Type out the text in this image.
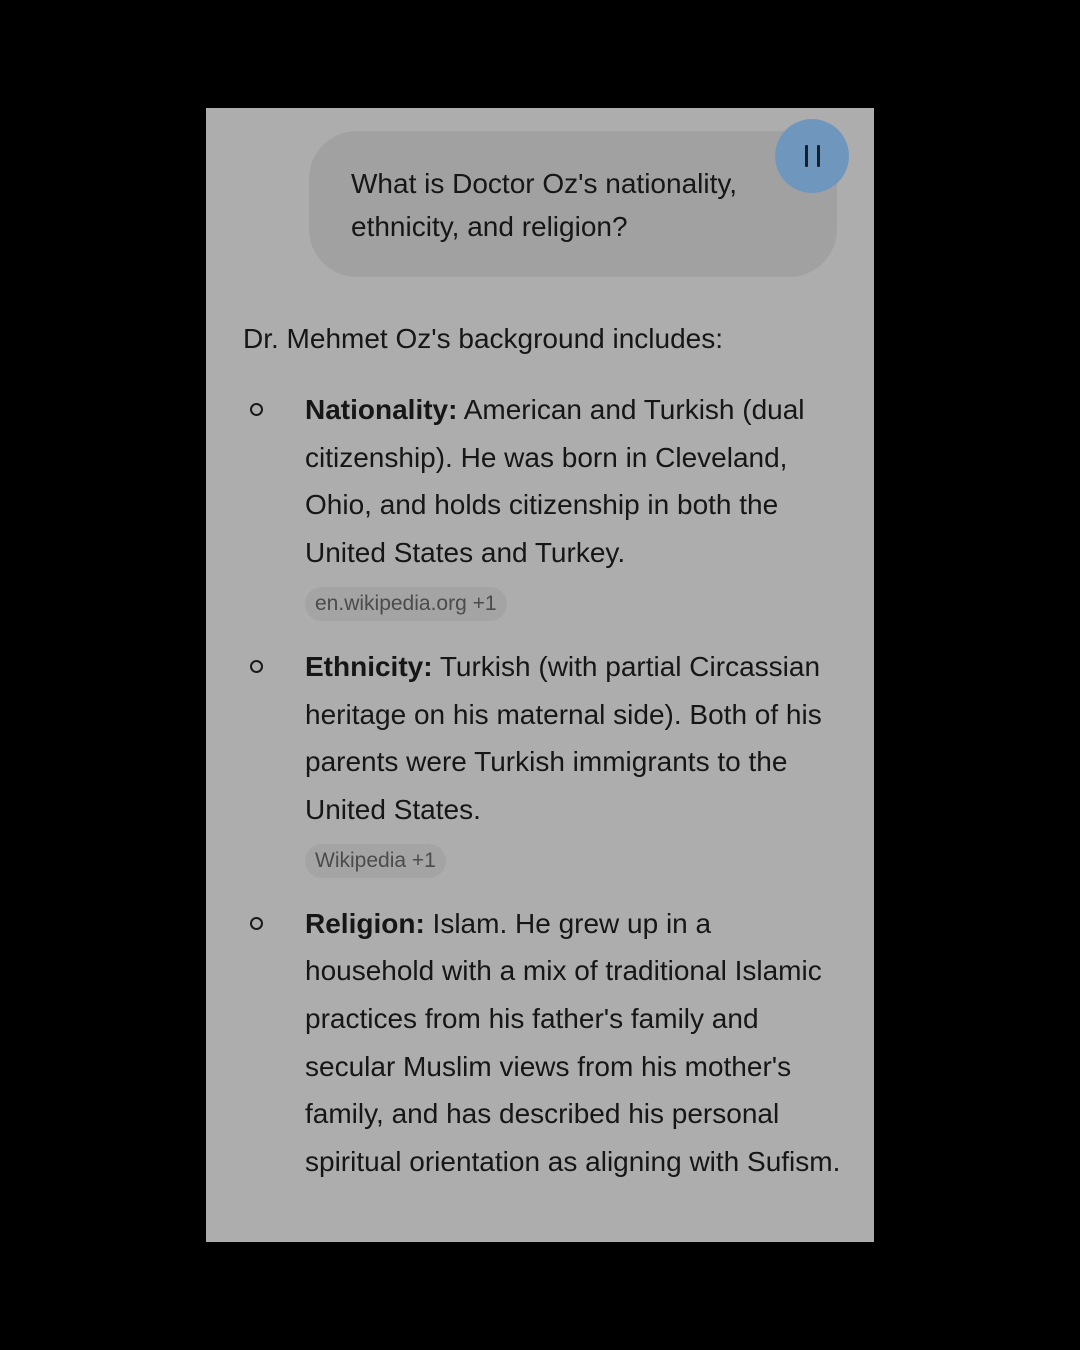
What is Doctor Oz's nationality, ethnicity, and religion?
Dr. Mehmet Oz's background includes:
Nationality: American and Turkish (dual citizenship). He was born in Cleveland, Ohio, and holds citizenship in both the United States and Turkey.
en.wikipedia.org +1
Ethnicity: Turkish (with partial Circassian heritage on his maternal side). Both of his parents were Turkish immigrants to the United States.
Wikipedia +1
Religion: Islam. He grew up in a household with a mix of traditional Islamic practices from his father's family and secular Muslim views from his mother's family, and has described his personal spiritual orientation as aligning with Sufism.
